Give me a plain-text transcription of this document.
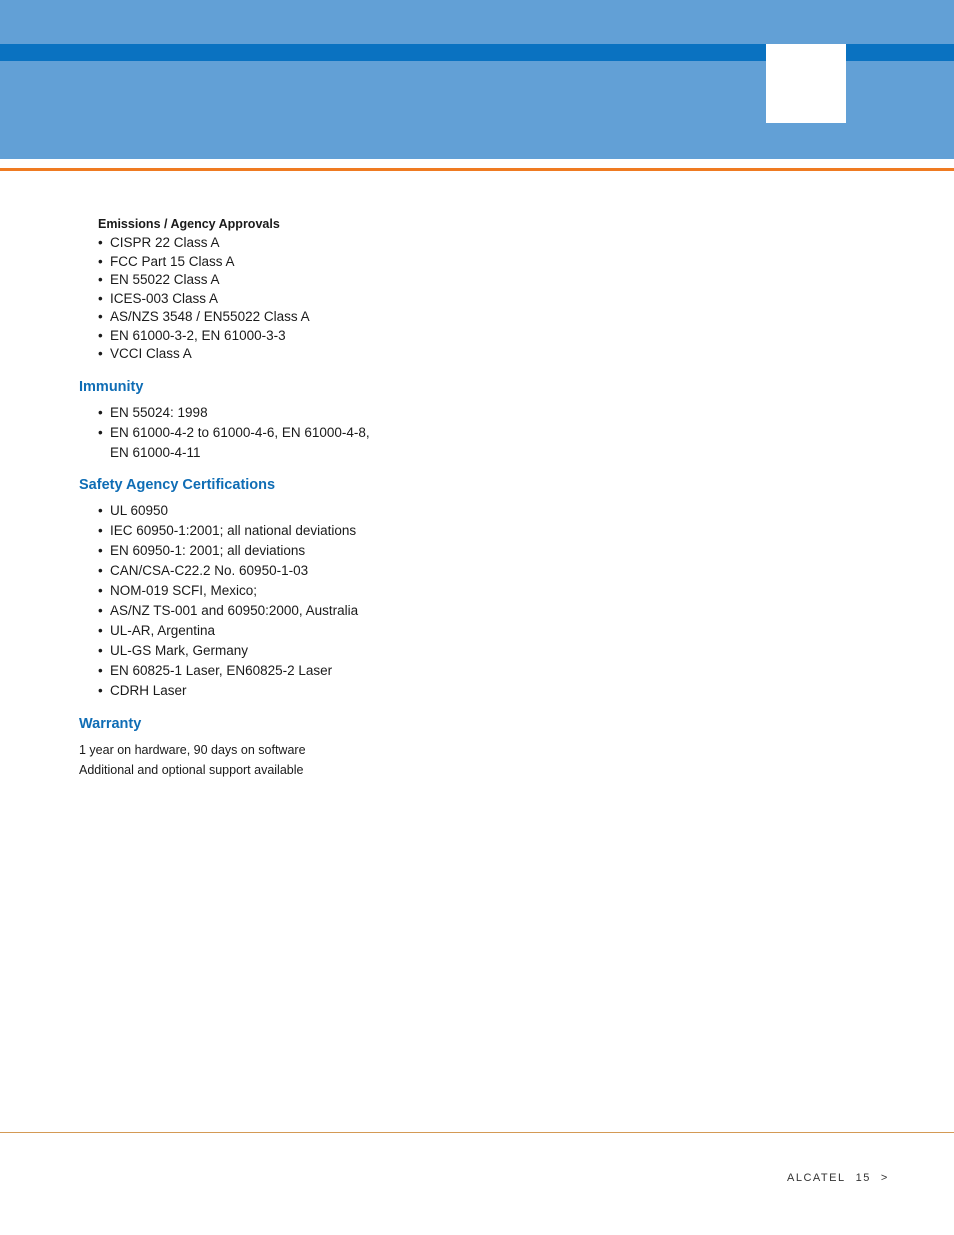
Emissions / Agency Approvals
• CISPR 22 Class A
• FCC Part 15 Class A
• EN 55022 Class A
• ICES-003 Class A
• AS/NZS 3548 / EN55022 Class A
• EN 61000-3-2, EN 61000-3-3
• VCCI Class A
Immunity
• EN 55024: 1998
• EN 61000-4-2 to 61000-4-6, EN 61000-4-8,
EN 61000-4-11
Safety Agency Certifications
• UL 60950
• IEC 60950-1:2001; all national deviations
• EN 60950-1: 2001; all deviations
• CAN/CSA-C22.2 No. 60950-1-03
• NOM-019 SCFI, Mexico;
• AS/NZ TS-001 and 60950:2000, Australia
• UL-AR, Argentina
• UL-GS Mark, Germany
• EN 60825-1 Laser, EN60825-2 Laser
• CDRH Laser
Warranty
1 year on hardware, 90 days on software
Additional and optional support available
ALCATEL 15 >
